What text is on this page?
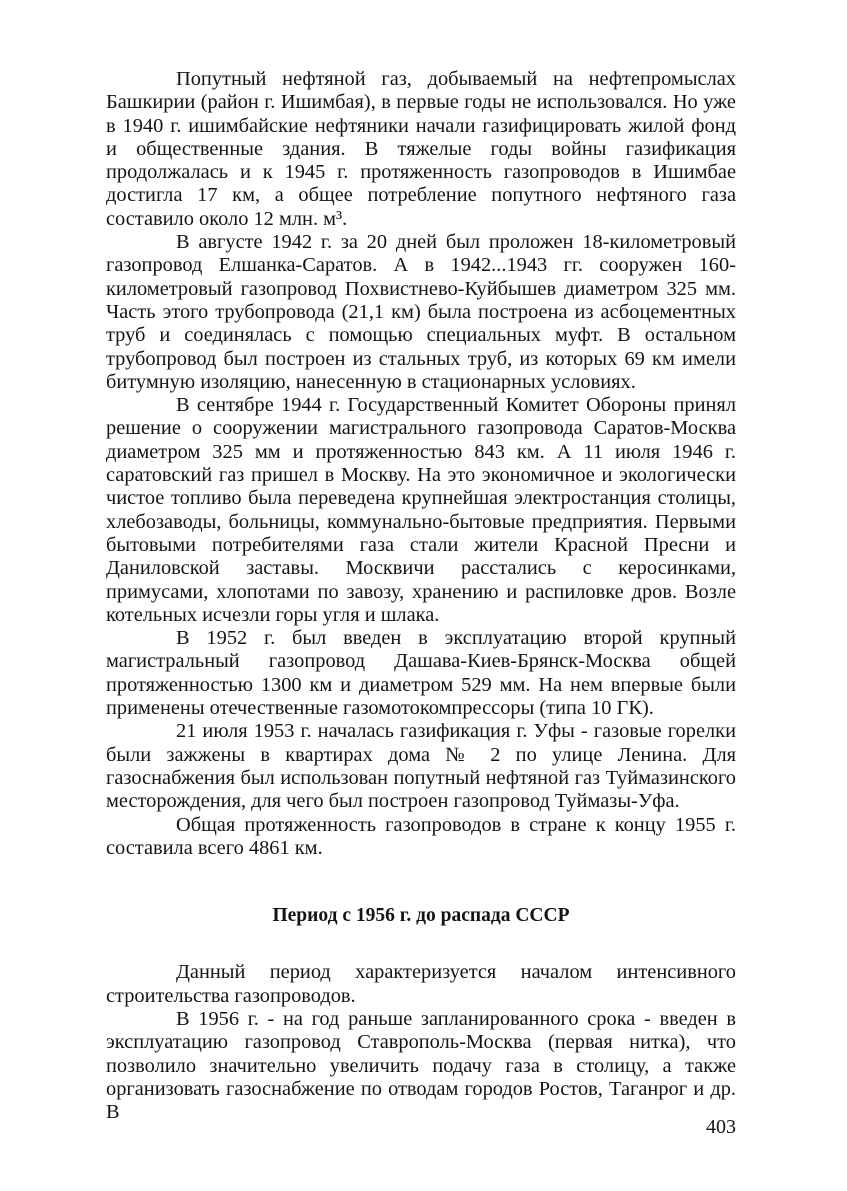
Попутный нефтяной газ, добываемый на нефтепромыслах Башкирии (район г. Ишимбая), в первые годы не использовался. Но уже в 1940 г. ишимбайские нефтяники начали газифицировать жилой фонд и общественные здания. В тяжелые годы войны газификация продолжалась и к 1945 г. протяженность газопроводов в Ишимбае достигла 17 км, а общее потребление попутного нефтяного газа составило около 12 млн. м³.

В августе 1942 г. за 20 дней был проложен 18-километровый газопровод Елшанка-Саратов. А в 1942...1943 гг. сооружен 160-километровый газопровод Похвистнево-Куйбышев диаметром 325 мм. Часть этого трубопровода (21,1 км) была построена из асбоцементных труб и соединялась с помощью специальных муфт. В остальном трубопровод был построен из стальных труб, из которых 69 км имели битумную изоляцию, нанесенную в стационарных условиях.

В сентябре 1944 г. Государственный Комитет Обороны принял решение о сооружении магистрального газопровода Саратов-Москва диаметром 325 мм и протяженностью 843 км. А 11 июля 1946 г. саратовский газ пришел в Москву. На это экономичное и экологически чистое топливо была переведена крупнейшая электростанция столицы, хлебозаводы, больницы, коммунально-бытовые предприятия. Первыми бытовыми потребителями газа стали жители Красной Пресни и Даниловской заставы. Москвичи расстались с керосинками, примусами, хлопотами по завозу, хранению и распиловке дров. Возле котельных исчезли горы угля и шлака.

В 1952 г. был введен в эксплуатацию второй крупный магистральный газопровод Дашава-Киев-Брянск-Москва общей протяженностью 1300 км и диаметром 529 мм. На нем впервые были применены отечественные газомотокомпрессоры (типа 10 ГК).

21 июля 1953 г. началась газификация г. Уфы - газовые горелки были зажжены в квартирах дома № 2 по улице Ленина. Для газоснабжения был использован попутный нефтяной газ Туймазинского месторождения, для чего был построен газопровод Туймазы-Уфа.

Общая протяженность газопроводов в стране к концу 1955 г. составила всего 4861 км.

Период с 1956 г. до распада СССР

Данный период характеризуется началом интенсивного строительства газопроводов.

В 1956 г. - на год раньше запланированного срока - введен в эксплуатацию газопровод Ставрополь-Москва (первая нитка), что позволило значительно увеличить подачу газа в столицу, а также организовать газоснабжение по отводам городов Ростов, Таганрог и др. В

403
